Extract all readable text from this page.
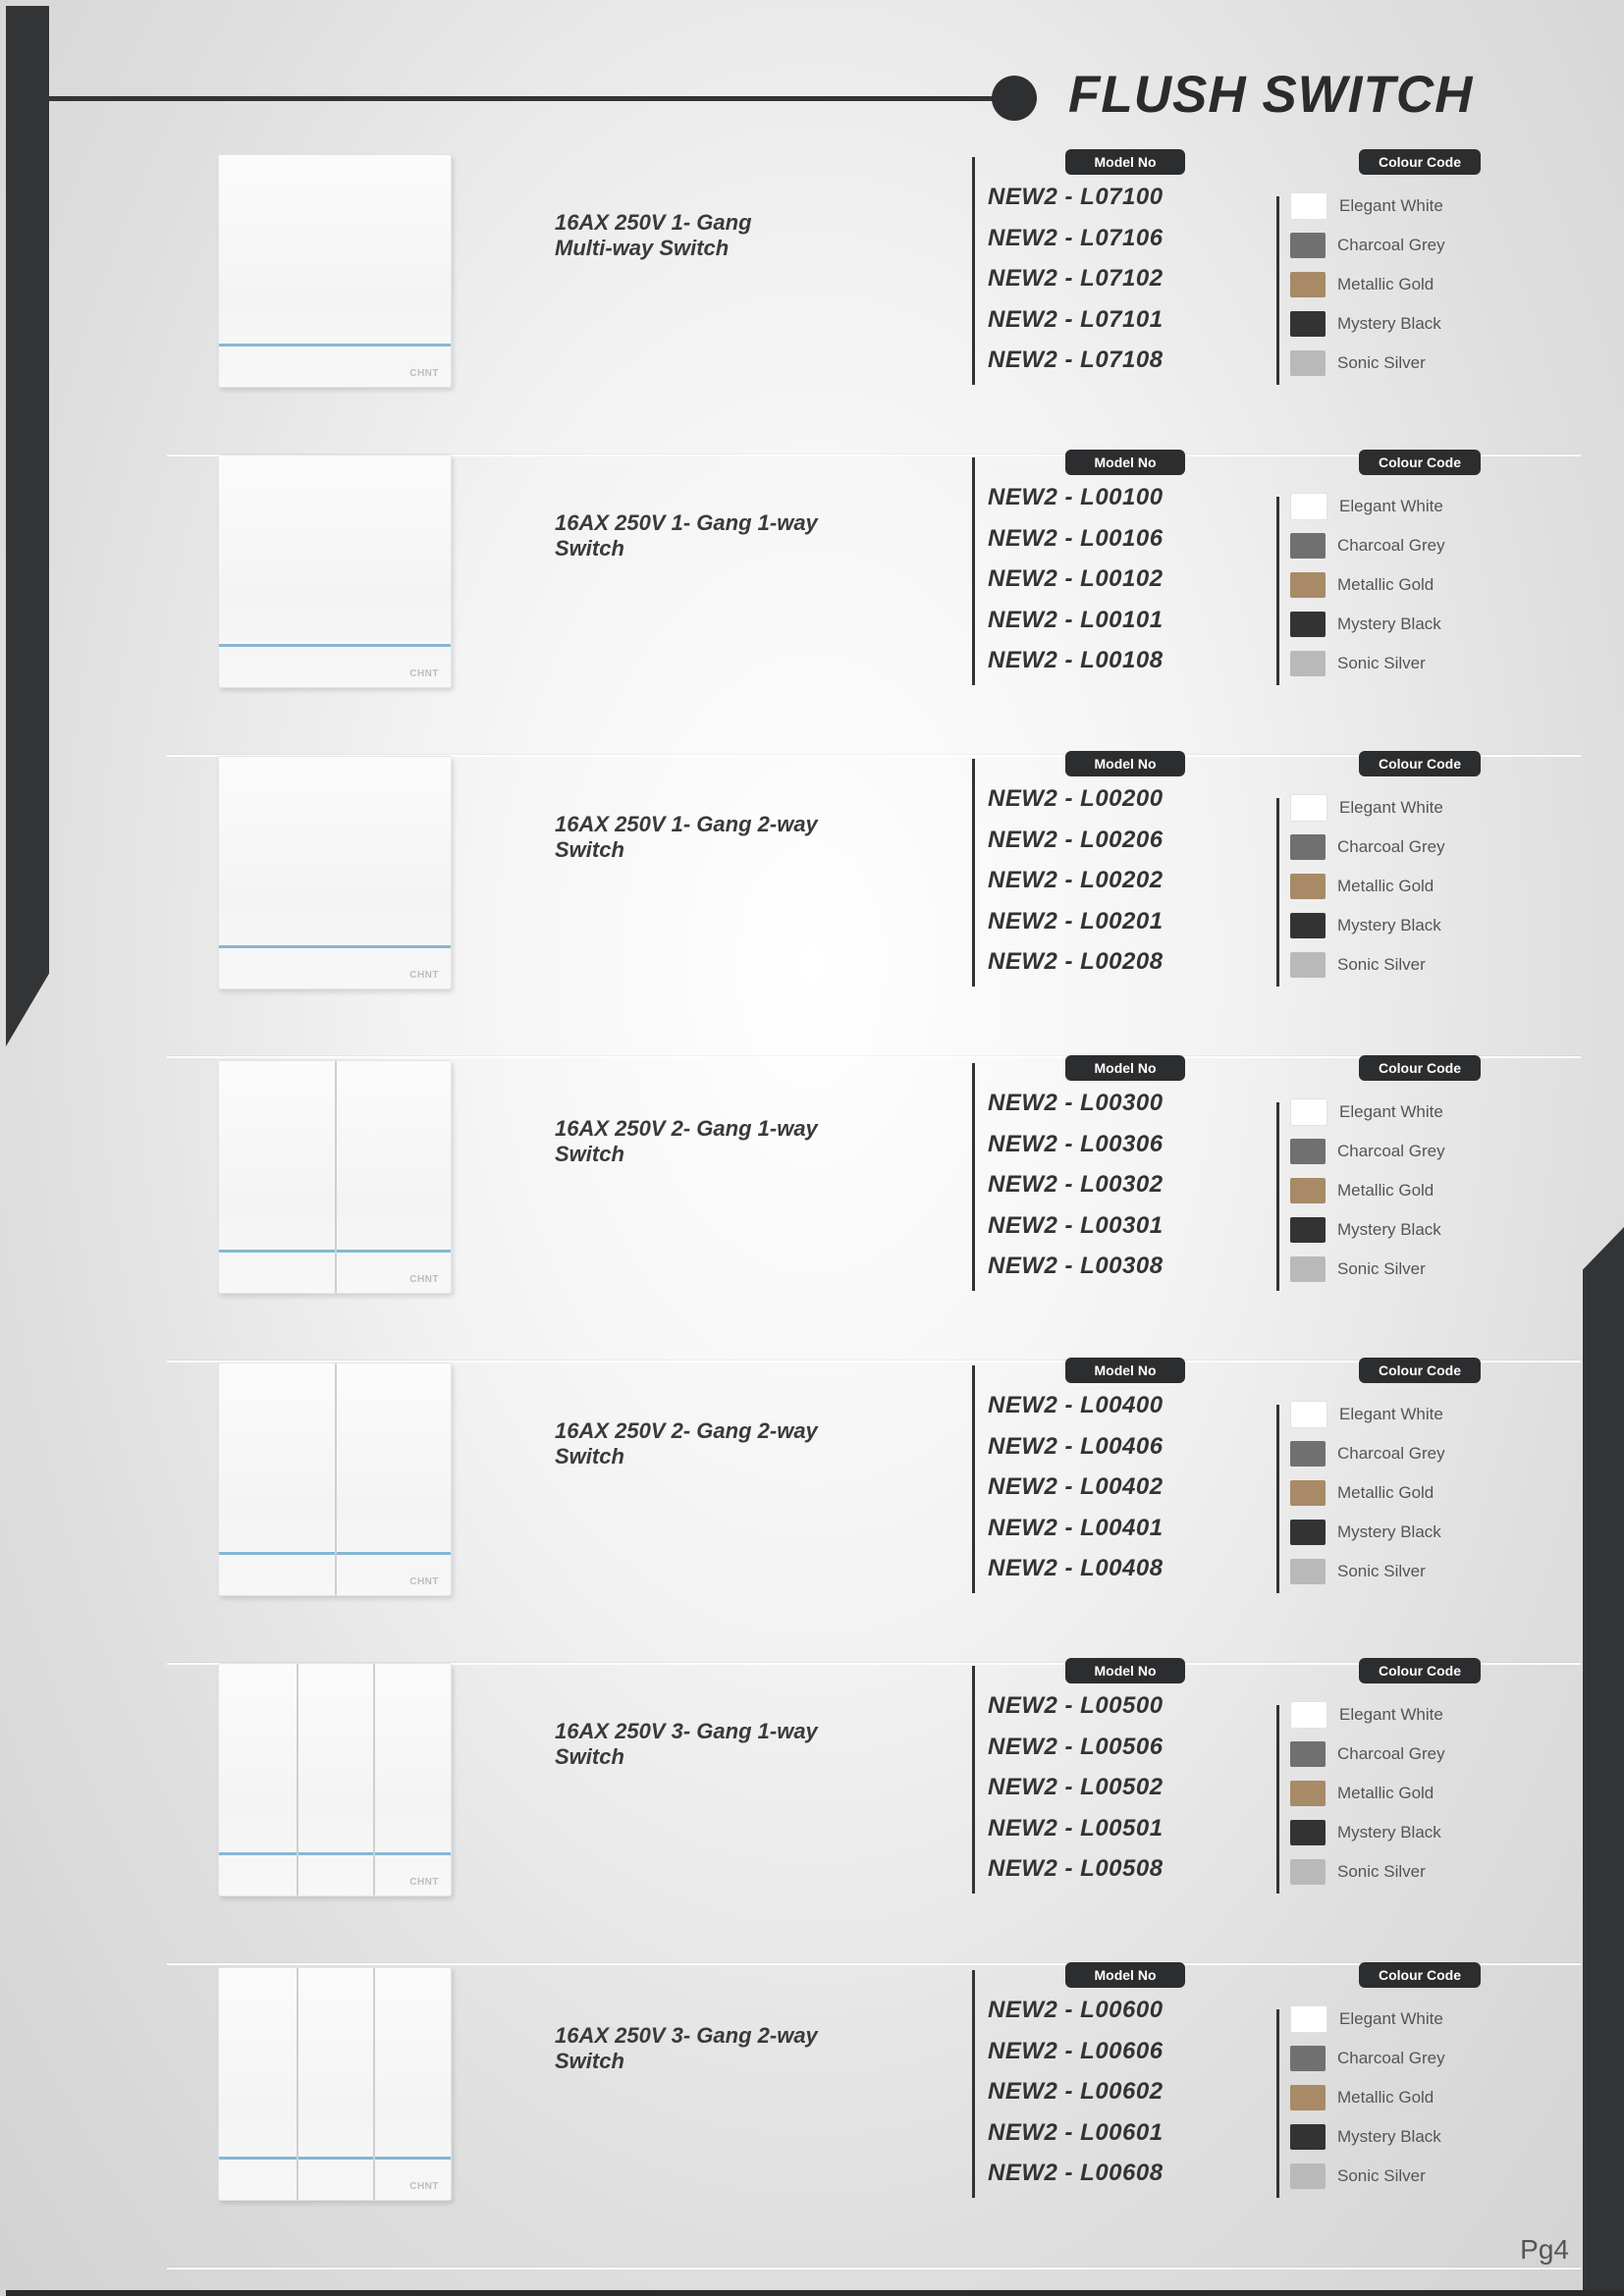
FLUSH SWITCH
CHNT

16AX 250V 1- Gang
Multi-way Switch

Model No
NEW2 - L07100
NEW2 - L07106
NEW2 - L07102
NEW2 - L07101
NEW2 - L07108
Colour Code
Elegant White
Charcoal Grey
Metallic Gold
Mystery Black
Sonic Silver
CHNT

16AX 250V 1- Gang 1-way Switch

Model No
NEW2 - L00100
NEW2 - L00106
NEW2 - L00102
NEW2 - L00101
NEW2 - L00108
Colour Code
Elegant White
Charcoal Grey
Metallic Gold
Mystery Black
Sonic Silver
CHNT

16AX 250V 1- Gang 2-way Switch

Model No
NEW2 - L00200
NEW2 - L00206
NEW2 - L00202
NEW2 - L00201
NEW2 - L00208
Colour Code
Elegant White
Charcoal Grey
Metallic Gold
Mystery Black
Sonic Silver
CHNT

16AX 250V 2- Gang 1-way Switch

Model No
NEW2 - L00300
NEW2 - L00306
NEW2 - L00302
NEW2 - L00301
NEW2 - L00308
Colour Code
Elegant White
Charcoal Grey
Metallic Gold
Mystery Black
Sonic Silver
CHNT

16AX 250V 2- Gang 2-way Switch

Model No
NEW2 - L00400
NEW2 - L00406
NEW2 - L00402
NEW2 - L00401
NEW2 - L00408
Colour Code
Elegant White
Charcoal Grey
Metallic Gold
Mystery Black
Sonic Silver
CHNT

16AX 250V 3- Gang 1-way Switch

Model No
NEW2 - L00500
NEW2 - L00506
NEW2 - L00502
NEW2 - L00501
NEW2 - L00508
Colour Code
Elegant White
Charcoal Grey
Metallic Gold
Mystery Black
Sonic Silver
CHNT

16AX 250V 3- Gang 2-way Switch

Model No
NEW2 - L00600
NEW2 - L00606
NEW2 - L00602
NEW2 - L00601
NEW2 - L00608
Colour Code
Elegant White
Charcoal Grey
Metallic Gold
Mystery Black
Sonic Silver
Pg4
